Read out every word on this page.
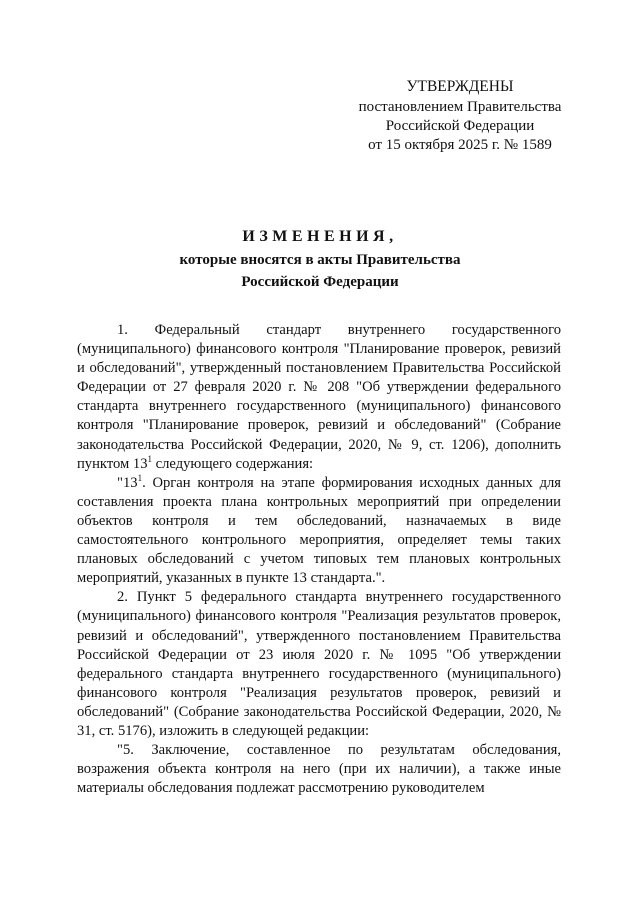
УТВЕРЖДЕНЫ
постановлением Правительства
Российской Федерации
от 15 октября 2025 г. № 1589
ИЗМЕНЕНИЯ,
которые вносятся в акты Правительства
Российской Федерации

1. Федеральный стандарт внутреннего государственного (муниципального) финансового контроля "Планирование проверок, ревизий и обследований", утвержденный постановлением Правительства Российской Федерации от 27 февраля 2020 г. № 208 "Об утверждении федерального стандарта внутреннего государственного (муниципального) финансового контроля "Планирование проверок, ревизий и обследований" (Собрание законодательства Российской Федерации, 2020, № 9, ст. 1206), дополнить пунктом $13^1$ следующего содержания:

"$13^1$. Орган контроля на этапе формирования исходных данных для составления проекта плана контрольных мероприятий при определении объектов контроля и тем обследований, назначаемых в виде самостоятельного контрольного мероприятия, определяет темы таких плановых обследований с учетом типовых тем плановых контрольных мероприятий, указанных в пункте 13 стандарта.".

2. Пункт 5 федерального стандарта внутреннего государственного (муниципального) финансового контроля "Реализация результатов проверок, ревизий и обследований", утвержденного постановлением Правительства Российской Федерации от 23 июля 2020 г. № 1095 "Об утверждении федерального стандарта внутреннего государственного (муниципального) финансового контроля "Реализация результатов проверок, ревизий и обследований" (Собрание законодательства Российской Федерации, 2020, № 31, ст. 5176), изложить в следующей редакции:

"5. Заключение, составленное по результатам обследования, возражения объекта контроля на него (при их наличии), а также иные материалы обследования подлежат рассмотрению руководителем
